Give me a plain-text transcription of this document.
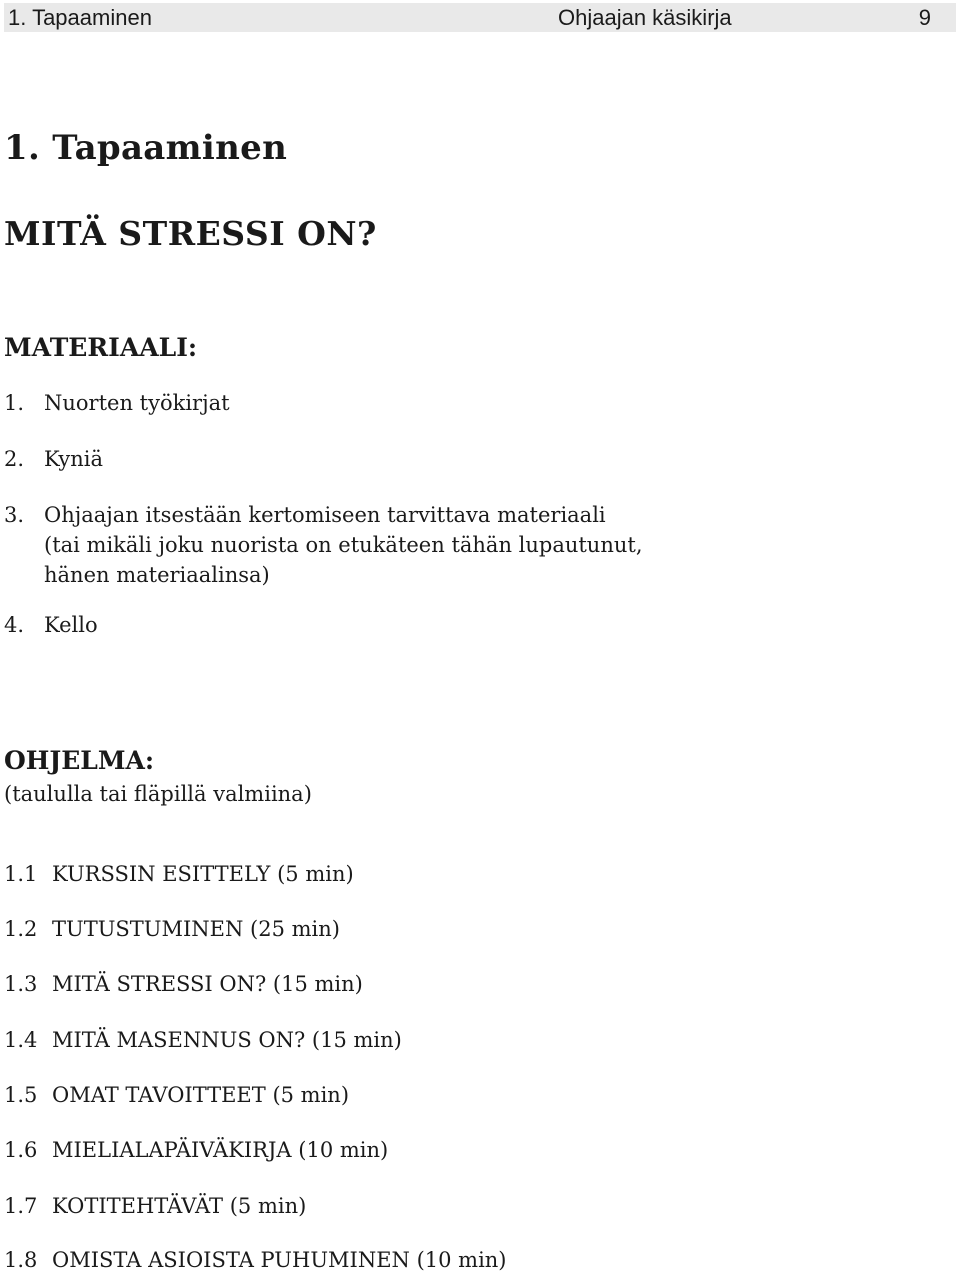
1. Tapaaminen	Ohjaajan käsikirja	9
1. Tapaaminen
MITÄ STRESSI ON?
MATERIAALI:
1. Nuorten työkirjat
2. Kyniä
3. Ohjaajan itsestään kertomiseen tarvittava materiaali
(tai mikäli joku nuorista on etukäteen tähän lupautunut,
hänen materiaalinsa)
4. Kello
OHJELMA:
(taululla tai fläpillä valmiina)
1.1 KURSSIN ESITTELY (5 min)
1.2 TUTUSTUMINEN (25 min)
1.3 MITÄ STRESSI ON? (15 min)
1.4 MITÄ MASENNUS ON? (15 min)
1.5 OMAT TAVOITTEET (5 min)
1.6 MIELIALAPÄIVÄKIRJA (10 min)
1.7 KOTITEHTÄVÄT (5 min)
1.8 OMISTA ASIOISTA PUHUMINEN (10 min)
